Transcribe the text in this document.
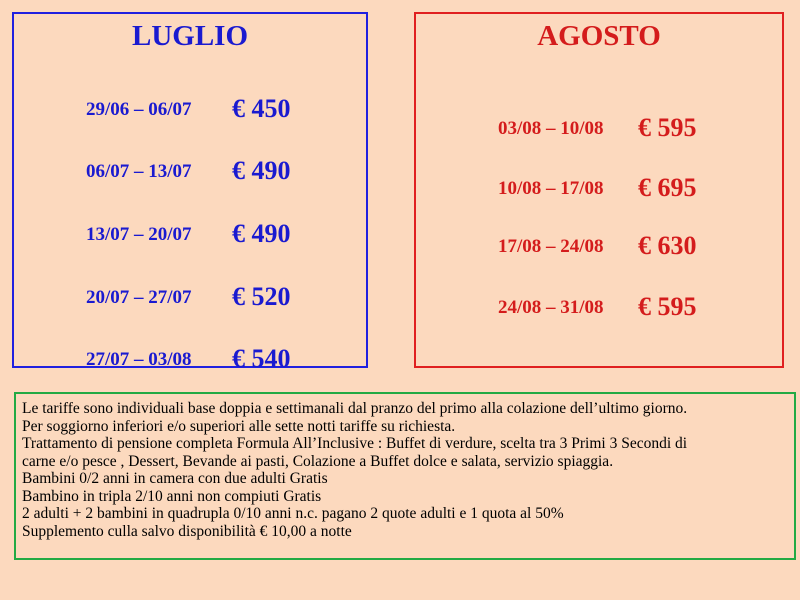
LUGLIO
29/06 – 06/07 € 450
06/07 – 13/07 € 490
13/07 – 20/07 € 490
20/07 – 27/07 € 520
27/07 – 03/08 € 540
AGOSTO
03/08 – 10/08 € 595
10/08 – 17/08 € 695
17/08 – 24/08 € 630
24/08 – 31/08 € 595
Le tariffe sono individuali base doppia e settimanali dal pranzo del primo alla colazione dell’ultimo giorno.
Per soggiorno inferiori e/o superiori alle sette notti tariffe su richiesta.
Trattamento di pensione completa Formula All’Inclusive : Buffet di verdure, scelta tra 3 Primi 3 Secondi di
carne e/o pesce , Dessert, Bevande ai pasti, Colazione a Buffet dolce e salata, servizio spiaggia.
Bambini 0/2 anni in camera con due adulti Gratis
Bambino in tripla 2/10 anni non compiuti Gratis
2 adulti + 2 bambini in quadrupla 0/10 anni n.c. pagano 2 quote adulti e 1 quota al 50%
Supplemento culla salvo disponibilità € 10,00 a notte
